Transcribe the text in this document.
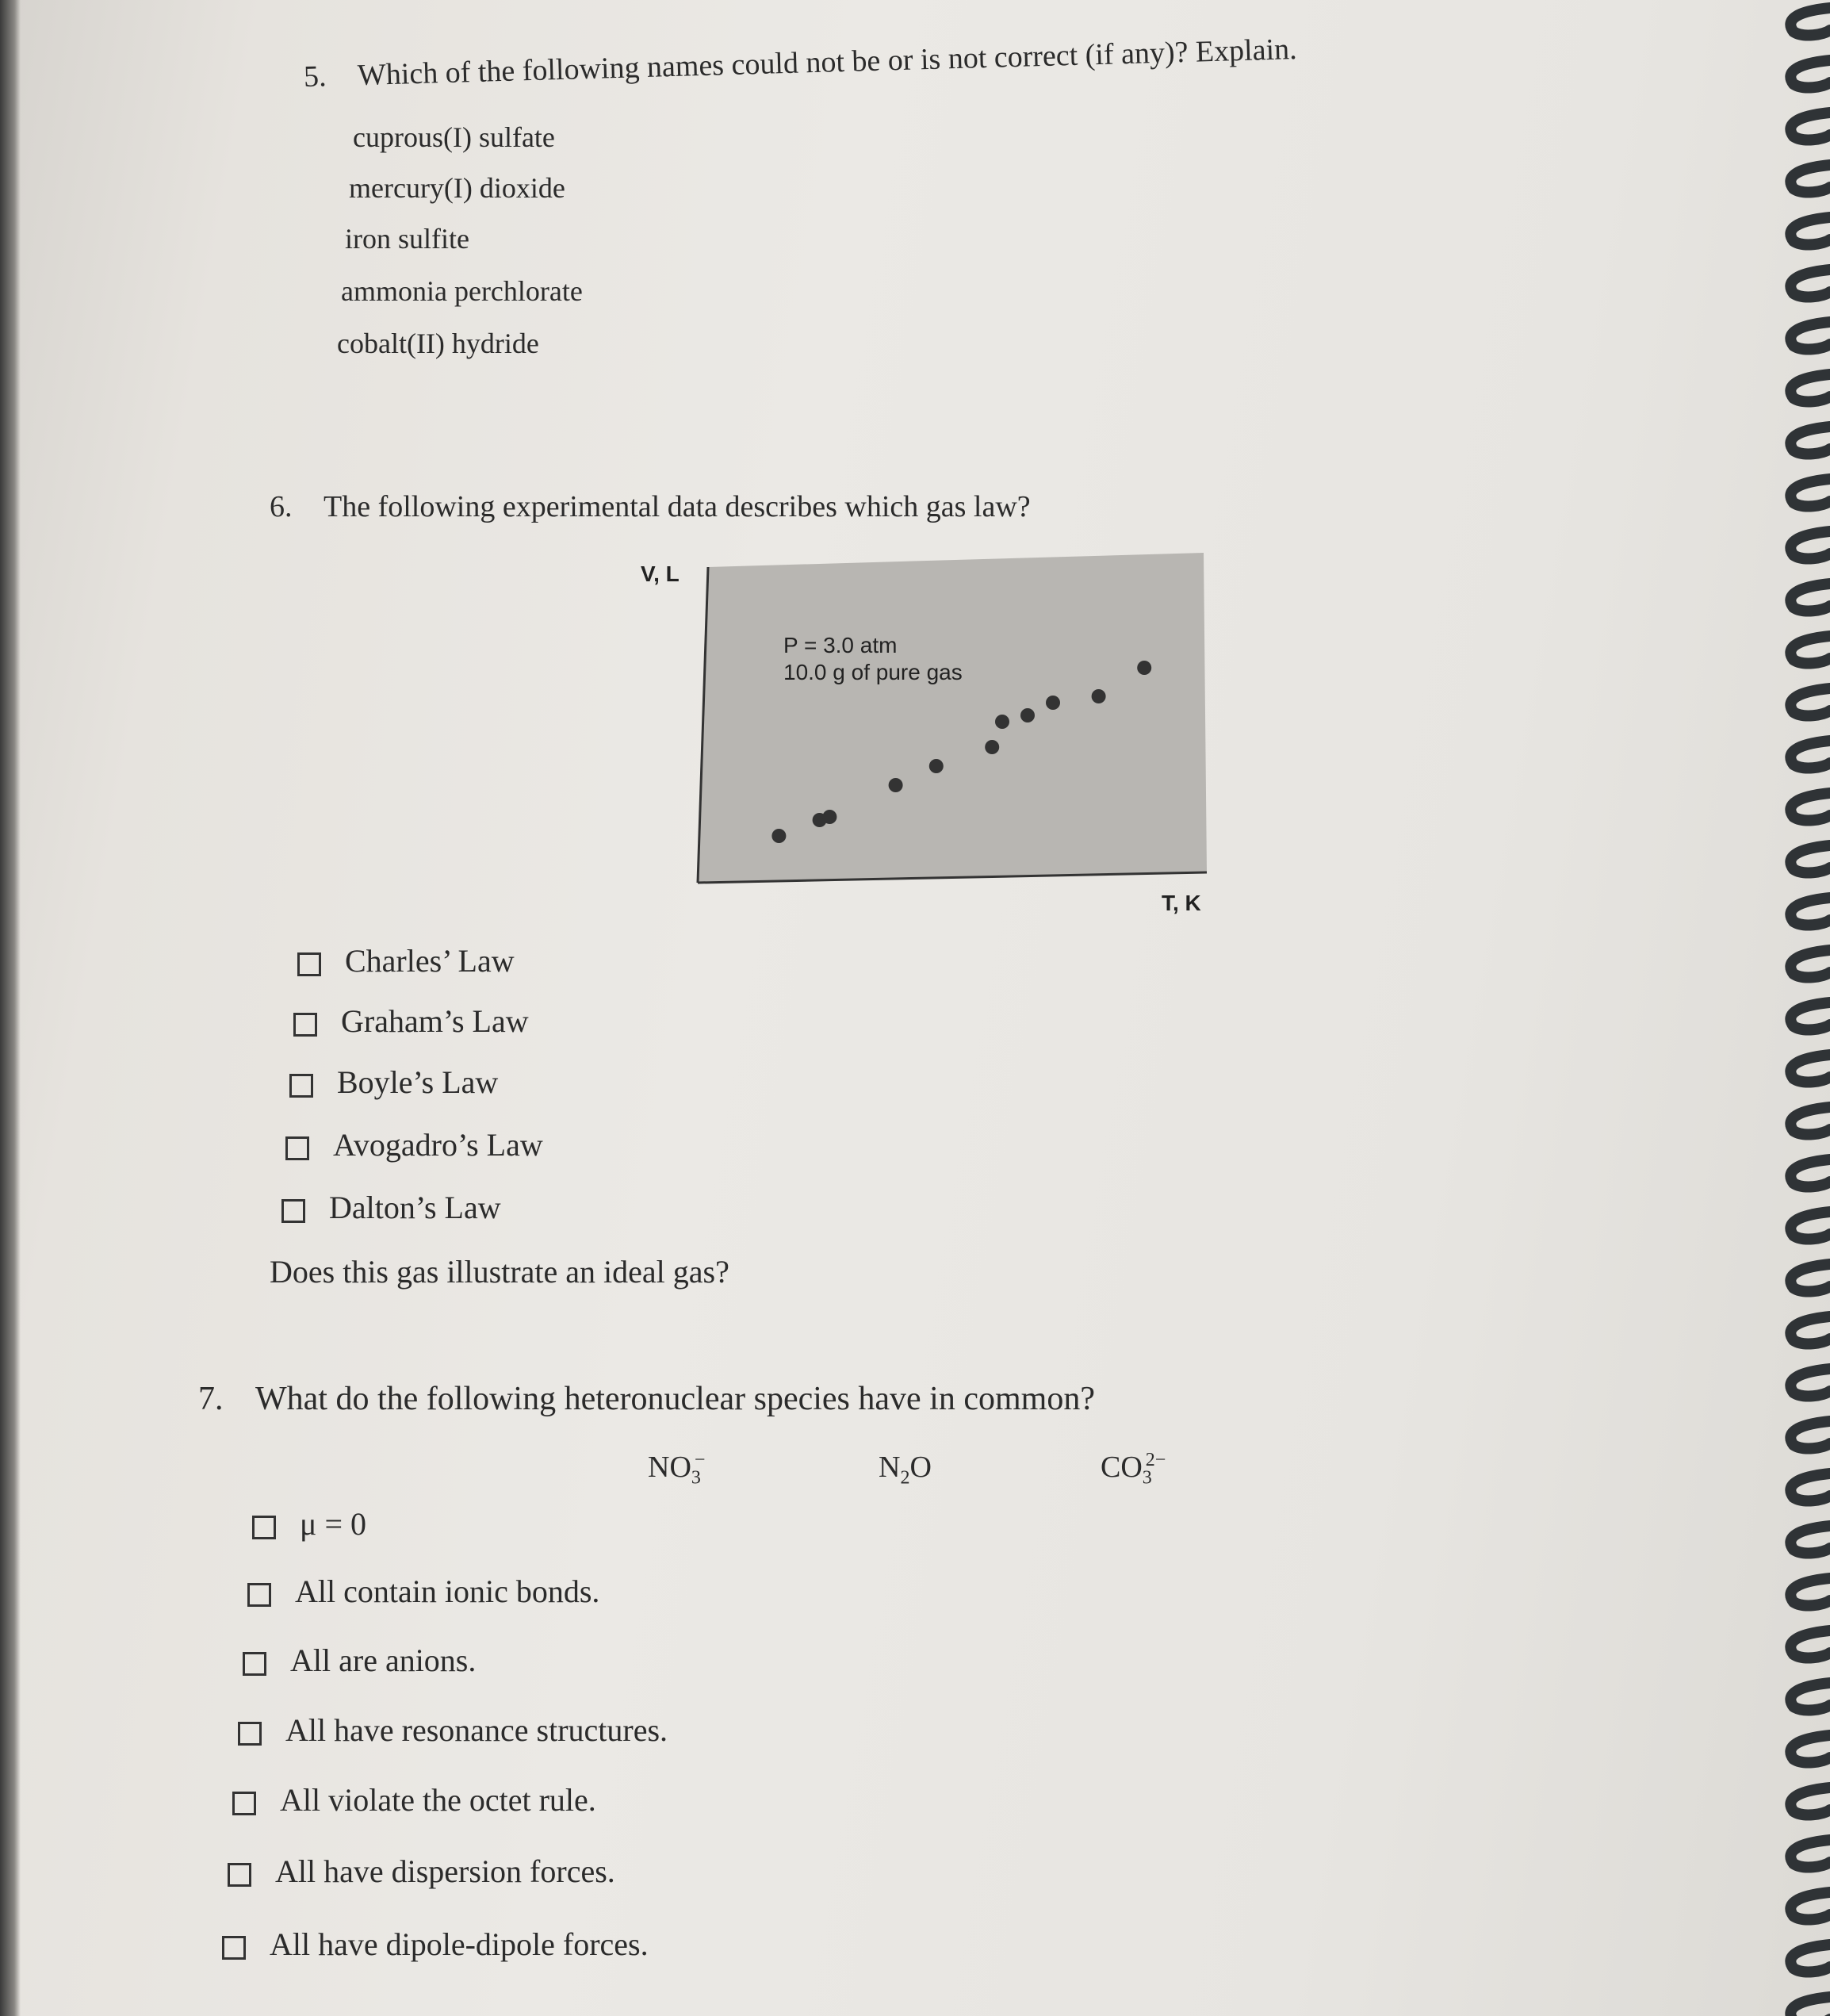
5. Which of the following names could not be or is not correct (if any)? Explain.
cuprous(I) sulfate
mercury(I) dioxide
iron sulfite
ammonia perchlorate
cobalt(II) hydride
6. The following experimental data describes which gas law?
V, L
T, K
P = 3.0 atm
10.0 g of pure gas
Charles’ Law
Graham’s Law
Boyle’s Law
Avogadro’s Law
Dalton’s Law
Does this gas illustrate an ideal gas?
7. What do the following heteronuclear species have in common?
$NO_3^-$	$N_2O$	$CO_3^{2-}$
μ = 0
All contain ionic bonds.
All are anions.
All have resonance structures.
All violate the octet rule.
All have dispersion forces.
All have dipole-dipole forces.
